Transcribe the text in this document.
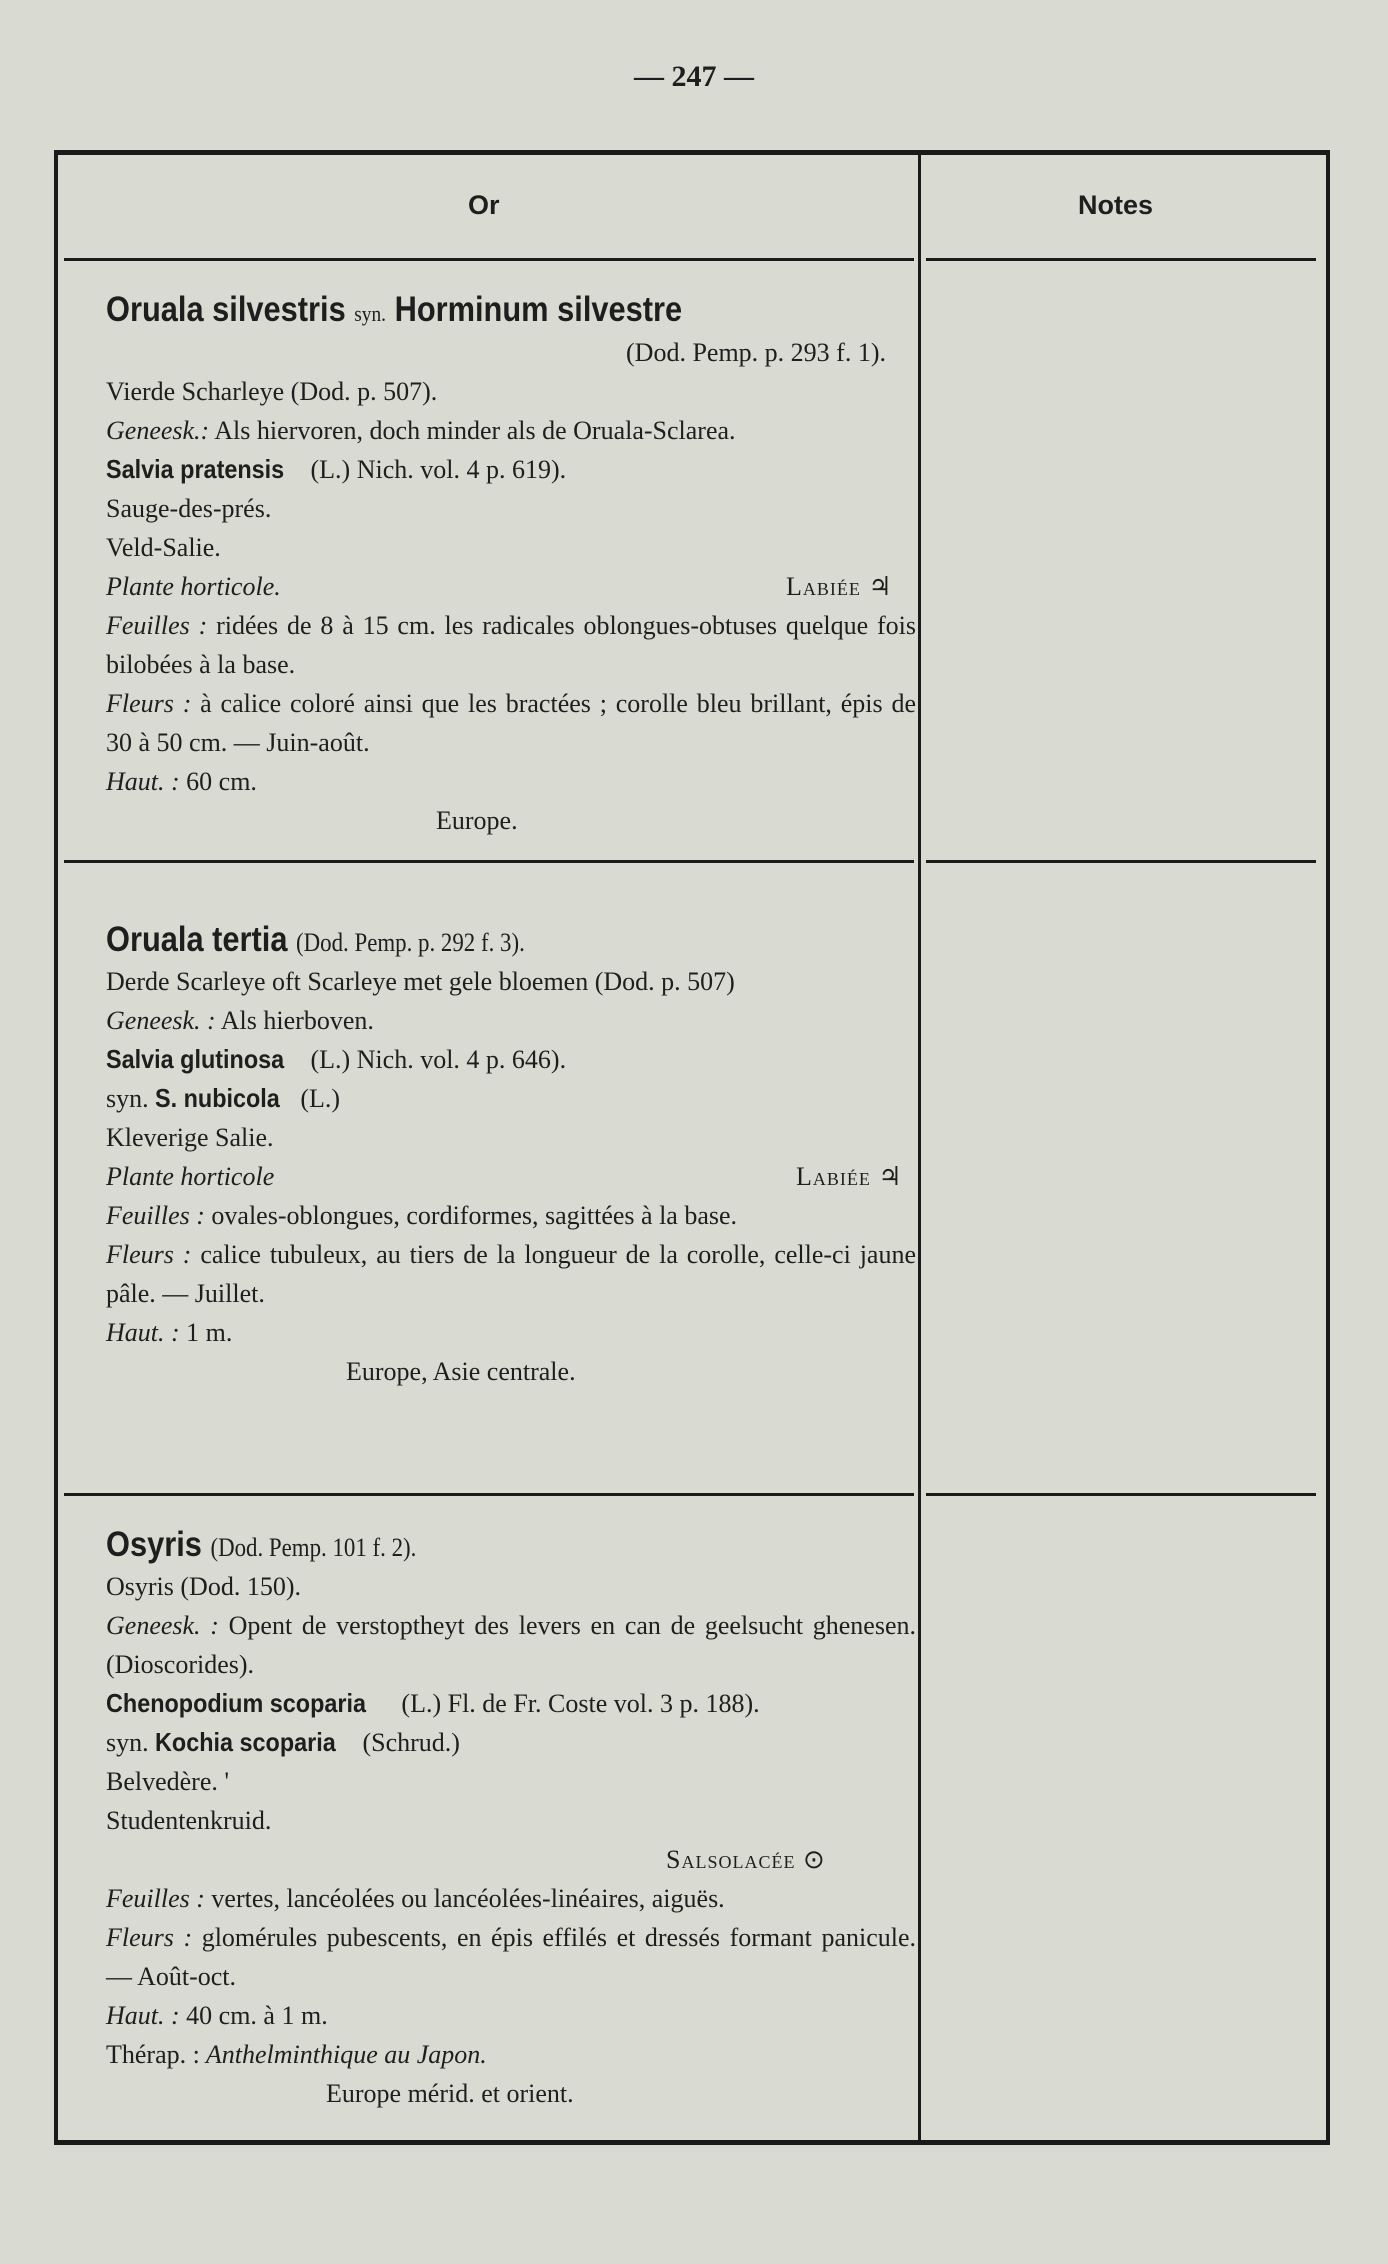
— 247 —
Or	Notes
Oruala silvestris syn. Horminum silvestre
(Dod. Pemp. p. 293 f. 1).
Vierde Scharleye (Dod. p. 507).
Geneesk.: Als hiervoren, doch minder als de Oruala-Sclarea.
Salvia pratensis (L.) Nich. vol. 4 p. 619).
Sauge-des-prés.
Veld-Salie.
Plante horticole.	Labiée ♃
Feuilles : ridées de 8 à 15 cm. les radicales oblongues-obtuses quelque fois bilobées à la base.
Fleurs : à calice coloré ainsi que les bractées ; corolle bleu brillant, épis de 30 à 50 cm. — Juin-août.
Haut. : 60 cm.
Europe.
Oruala tertia (Dod. Pemp. p. 292 f. 3).
Derde Scarleye oft Scarleye met gele bloemen (Dod. p. 507)
Geneesk. : Als hierboven.
Salvia glutinosa (L.) Nich. vol. 4 p. 646).
syn. S. nubicola (L.)
Kleverige Salie.
Plante horticole	Labiée ♃
Feuilles : ovales-oblongues, cordiformes, sagittées à la base.
Fleurs : calice tubuleux, au tiers de la longueur de la corolle, celle-ci jaune pâle. — Juillet.
Haut. : 1 m.
Europe, Asie centrale.
Osyris (Dod. Pemp. 101 f. 2).
Osyris (Dod. 150).
Geneesk. : Opent de verstoptheyt des levers en can de geelsucht ghenesen. (Dioscorides).
Chenopodium scoparia (L.) Fl. de Fr. Coste vol. 3 p. 188).
syn. Kochia scoparia (Schrud.)
Belvedère. '
Studentenkruid.
Salsolacée ⊙
Feuilles : vertes, lancéolées ou lancéolées-linéaires, aiguës.
Fleurs : glomérules pubescents, en épis effilés et dressés formant panicule. — Août-oct.
Haut. : 40 cm. à 1 m.
Thérap. : Anthelminthique au Japon.
Europe mérid. et orient.
